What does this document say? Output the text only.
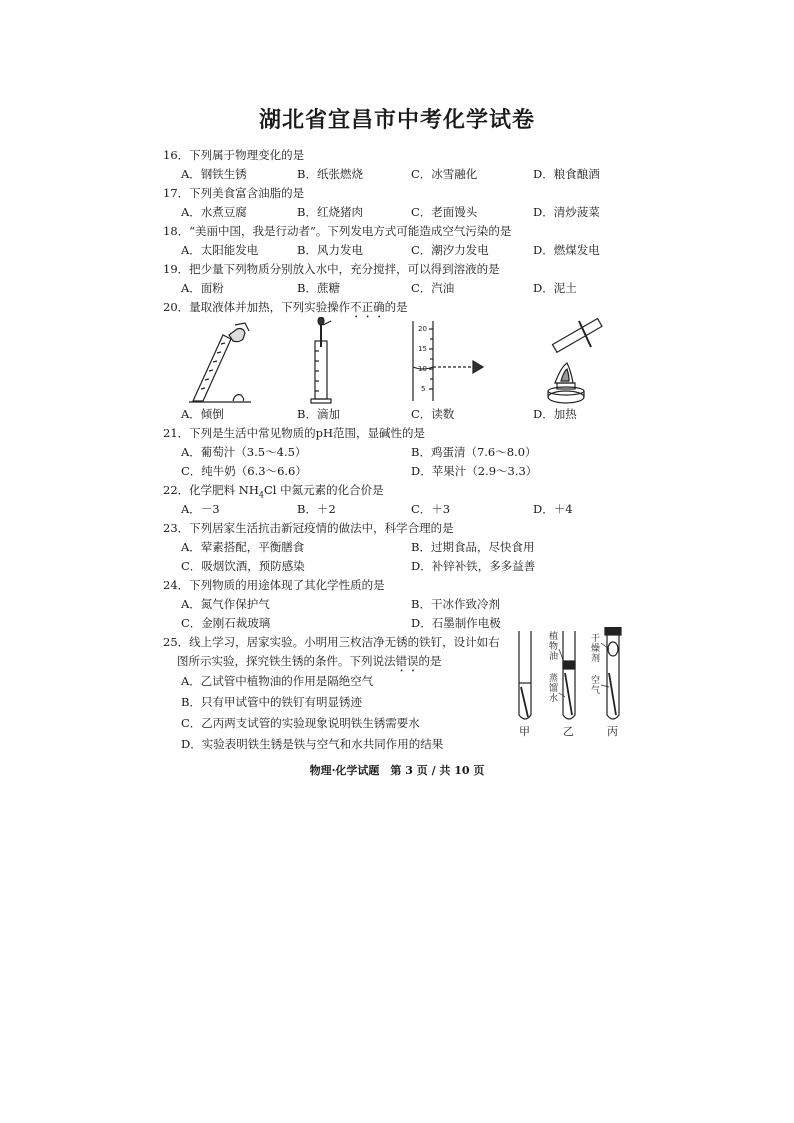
湖北省宜昌市中考化学试卷
16．下列属于物理变化的是
A．钢铁生锈	B．纸张燃烧	C．冰雪融化	D．粮食酿酒
17．下列美食富含油脂的是
A．水煮豆腐	B．红烧猪肉	C．老面馒头	D．清炒菠菜
18．“美丽中国，我是行动者”。下列发电方式可能造成空气污染的是
A．太阳能发电	B．风力发电	C．潮汐力发电	D．燃煤发电
19．把少量下列物质分别放入水中，充分搅拌，可以得到溶液的是
A．面粉	B．蔗糖	C．汽油	D．泥土
20．量取液体并加热，下列实验操作不正确的是
20
15
10
5
A．倾倒	B．滴加	C．读数	D．加热
21．下列是生活中常见物质的pH范围，显碱性的是
A．葡萄汁（3.5～4.5）	B．鸡蛋清（7.6～8.0）
C．纯牛奶（6.3～6.6）	D．苹果汁（2.9～3.3）
22．化学肥料 $NH_4Cl$ 中氮元素的化合价是
A．－3	B．＋2	C．＋3	D．＋4
23．下列居家生活抗击新冠疫情的做法中，科学合理的是
A．荤素搭配，平衡膳食	B．过期食品，尽快食用
C．吸烟饮酒，预防感染	D．补锌补铁，多多益善
24．下列物质的用途体现了其化学性质的是
A．氮气作保护气	B．干冰作致冷剂
C．金刚石裁玻璃	D．石墨制作电极
25．线上学习，居家实验。小明用三枚洁净无锈的铁钉，设计如右
图所示实验，探究铁生锈的条件。下列说法错误的是
A．乙试管中植物油的作用是隔绝空气
B．只有甲试管中的铁钉有明显锈迹
C．乙丙两支试管的实验现象说明铁生锈需要水
D．实验表明铁生锈是铁与空气和水共同作用的结果
植
物
油
蒸
馏
水
干
燥
剂
空
气
甲	乙	丙
物理·化学试题　第 3 页 / 共 10 页
